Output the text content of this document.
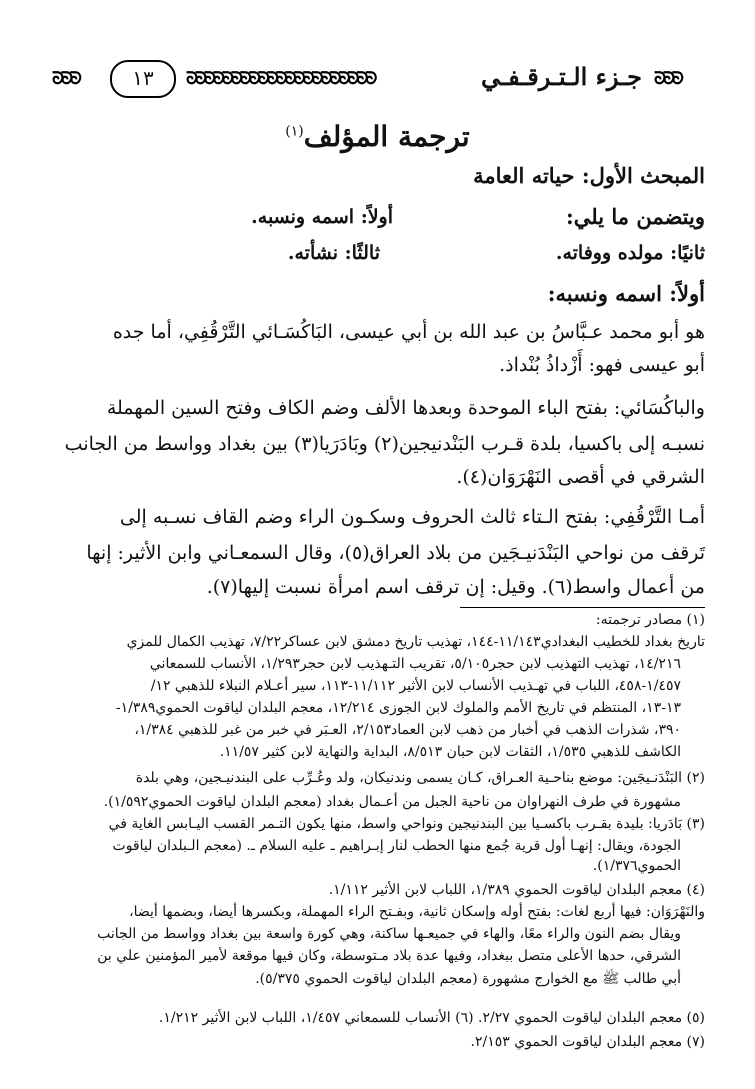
ᘐᘐᘐ	١٣	ᘐᘐᘐᘐᘐᘐᘐᘐᘐᘐᘐᘐᘐᘐᘐᘐᘐᘐᘐᘐᘐ	جـزء الـتـرقـفـي ᘐᘐᘐ
ترجمة المؤلف$^{(١)}$
المبحث الأول: حياته العامة
ويتضمن ما يلي:
أولاً: اسمه ونسبه.
ثانيًا: مولده ووفاته.
ثالثًا: نشأته.
أولاً: اسمه ونسبه:
هو أبو محمد عـبَّاسُ بن عبد الله بن أبي عيسى، البَاكُسَـائي التَّرْقُفِي، أما جده
أبو عيسى فهو: أَزْداذُ بُنْداذ.
والباكُسَائي: بفتح الباء الموحدة وبعدها الألف وضم الكاف وفتح السين المهملة
نسبـه إلى باكسيا، بلدة قـرب البَنْدنيجين(٢) وبَادَرَيا(٣) بين بغداد وواسط من الجانب
الشرقي في أقصى النَهْرَوَان(٤).
أمـا التَّرْقُفِي: بفتح الـتاء ثالث الحروف وسكـون الراء وضم القاف نسـبه إلى
تَرقف من نواحي البَنْدَنيـجَين من بلاد العراق(٥)، وقال السمعـاني وابن الأثير: إنها
من أعمال واسط(٦). وقيل: إن ترقف اسم امرأة نسبت إليها(٧).
(١) مصادر ترجمته:
تاريخ بغداد للخطيب البغدادي١١/١٤٣-١٤٤، تهذيب تاريخ دمشق لابن عساكر٧/٢٢، تهذيب الكمال للمزي
١٤/٢١٦، تهذيب التهذيب لابن حجر٥/١٠٥، تقريب التـهذيب لابن حجر١/٢٩٣، الأنساب للسمعاني
١/٤٥٧-٤٥٨، اللباب في تهـذيب الأنساب لابن الأثير ١١/١١٢-١١٣، سير أعـلام النبلاء للذهبي ١٢/
١٣-١٣، المنتظم في تاريخ الأمم والملوك لابن الجوزى ١٢/٢١٤، معجم البلدان لياقوت الحموي١/٣٨٩-
٣٩٠، شذرات الذهب في أخبار من ذهب لابن العماد٢/١٥٣، العـبَر في خبر من غبر للذهبي ١/٣٨٤،
الكاشف للذهبي ١/٥٣٥، الثقات لابن حبان ٨/٥١٣، البداية والنهاية لابن كثير ١١/٥٧.
(٢) البَنْدَنـيجَين: موضع بناحـية العـراق، كـان يسمى وندنيكان، ولد وعُـرِّب على البندنيـجين، وهي بلدة
مشهورة في طرف النهراوان من ناحية الجبل من أعـمال بغداد (معجم البلدان لياقوت الحموي١/٥٩٢).
(٣) بَادَريا: بليدة بقـرب باكسـيا بين البندنيجين ونواحي واسط، منها يكون التـمر القسب اليـابس الغاية في
الجودة، ويقال: إنهـا أول قرية جُمع منها الحطب لنار إبـراهيم ـ عليه السلام ـ. (معجم الـبلدان لياقوت
الحموي١/٣٧٦).
(٤) معجم البلدان لياقوت الحموي ١/٣٨٩، اللباب لابن الأثير ١/١١٢.
والنَهْرَوَان: فيها أربع لغات: بفتح أوله وإسكان ثانية، وبفـتح الراء المهملة، وبكسرها أيضا، وبضمها أيضا،
ويقال بضم النون والراء معًا، والهاء في جميعـها ساكنة، وهي كورة واسعة بين بغداد وواسط من الجانب
الشرقي، حدها الأعلى متصل ببغداد، وفيها عدة بلاد مـتوسطة، وكان فيها موقعة لأمير المؤمنين علي بن
أبي طالب ﷺ مع الخوارج مشهورة (معجم البلدان لياقوت الحموي ٥/٣٧٥).
(٥) معجم البلدان لياقوت الحموي ٢/٢٧. (٦) الأنساب للسمعاني ١/٤٥٧، اللباب لابن الأثير ١/٢١٢.
(٧) معجم البلدان لياقوت الحموي ٢/١٥٣.
